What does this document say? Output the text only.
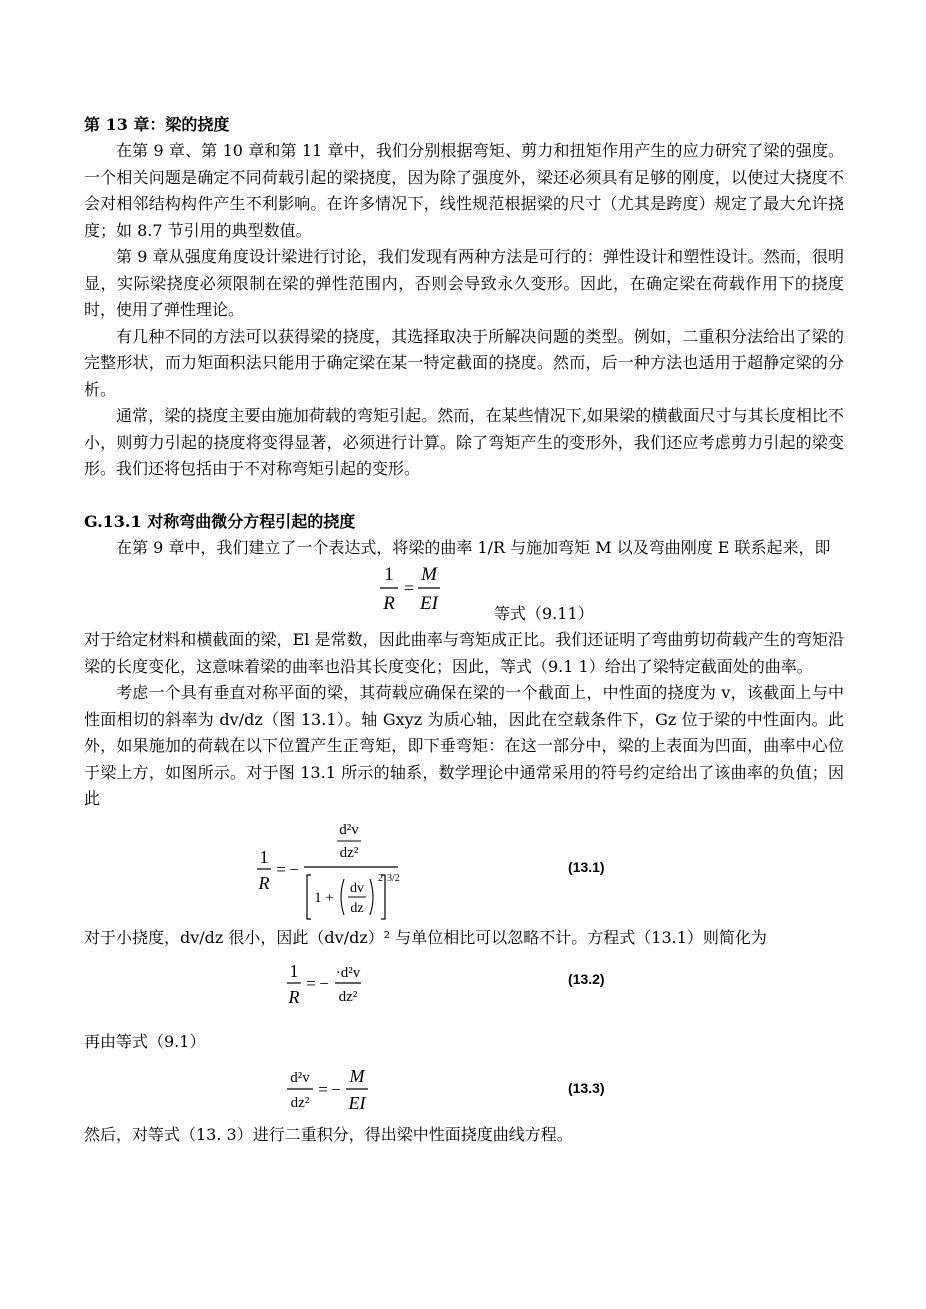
第 13 章：梁的挠度

在第 9 章、第 10 章和第 11 章中，我们分别根据弯矩、剪力和扭矩作用产生的应力研究了梁的强度。一个相关问题是确定不同荷载引起的梁挠度，因为除了强度外，梁还必须具有足够的刚度，以使过大挠度不会对相邻结构构件产生不利影响。在许多情况下，线性规范根据梁的尺寸（尤其是跨度）规定了最大允许挠度；如 8.7 节引用的典型数值。

第 9 章从强度角度设计梁进行讨论，我们发现有两种方法是可行的：弹性设计和塑性设计。然而，很明显，实际梁挠度必须限制在梁的弹性范围内，否则会导致永久变形。因此，在确定梁在荷载作用下的挠度时，使用了弹性理论。

有几种不同的方法可以获得梁的挠度，其选择取决于所解决问题的类型。例如，二重积分法给出了梁的完整形状，而力矩面积法只能用于确定梁在某一特定截面的挠度。然而，后一种方法也适用于超静定梁的分析。

通常，梁的挠度主要由施加荷载的弯矩引起。然而，在某些情况下,如果梁的横截面尺寸与其长度相比不小，则剪力引起的挠度将变得显著，必须进行计算。除了弯矩产生的变形外，我们还应考虑剪力引起的梁变形。我们还将包括由于不对称弯矩引起的变形。

G.13.1 对称弯曲微分方程引起的挠度

在第 9 章中，我们建立了一个表达式，将梁的曲率 1/R 与施加弯矩 M 以及弯曲刚度 E 联系起来，即

1
R
=
M
EI	等式（9.11）

对于给定材料和横截面的梁，El 是常数，因此曲率与弯矩成正比。我们还证明了弯曲剪切荷载产生的弯矩沿梁的长度变化，这意味着梁的曲率也沿其长度变化；因此，等式（9.1 1）给出了梁特定截面处的曲率。

考虑一个具有垂直对称平面的梁，其荷载应确保在梁的一个截面上，中性面的挠度为 v，该截面上与中性面相切的斜率为 dv/dz（图 13.1）。轴 Gxyz 为质心轴，因此在空载条件下，Gz 位于梁的中性面内。此外，如果施加的荷载在以下位置产生正弯矩，即下垂弯矩：在这一部分中，梁的上表面为凹面，曲率中心位于梁上方，如图所示。对于图 13.1 所示的轴系，数学理论中通常采用的符号约定给出了该曲率的负值；因此

1
R
= −
d²v
dz²
1 +
dv
dz
2 3/2
(13.1)

对于小挠度，dv/dz 很小，因此（dv/dz）² 与单位相比可以忽略不计。方程式（13.1）则简化为

1
R
= −
·d²v
dz²
(13.2)

再由等式（9.1）

d²v
dz²
= −
M
EI
(13.3)

然后，对等式（13. 3）进行二重积分，得出梁中性面挠度曲线方程。
